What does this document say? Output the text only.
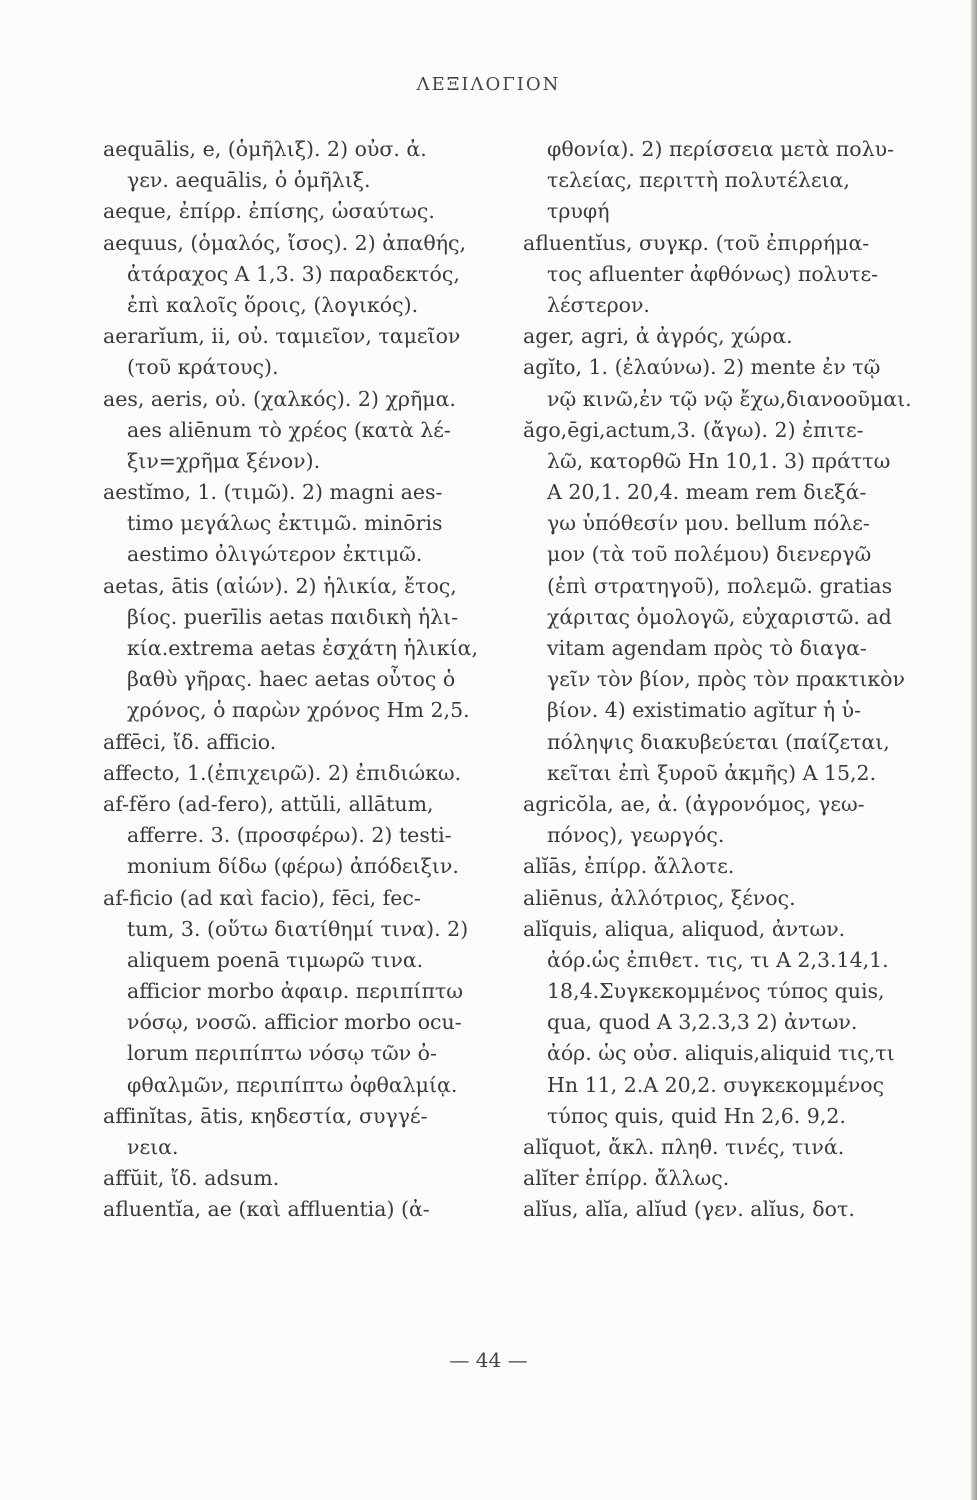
ΛΕΞΙΛΟΓΙΟΝ
aequālis, e, (ὁμῆλιξ). 2) οὐσ. ἀ.
γεν. aequālis, ὁ ὁμῆλιξ.
aeque, ἐπίρρ. ἐπίσης, ὡσαύτως.
aequus, (ὁμαλός, ἴσος). 2) ἀπαθής,
ἀτάραχος Α 1,3. 3) παραδεκτός,
ἐπὶ καλοῖς ὅροις, (λογικός).
aerarĭum, ii, οὐ. ταμιεῖον, ταμεῖον
(τοῦ κράτους).
aes, aeris, οὐ. (χαλκός). 2) χρῆμα.
aes aliēnum τὸ χρέος (κατὰ λέ-
ξιν=χρῆμα ξένον).
aestĭmo, 1. (τιμῶ). 2) magni aes-
timo μεγάλως ἐκτιμῶ. minōris
aestimo ὀλιγώτερον ἐκτιμῶ.
aetas, ātis (αἰών). 2) ἡλικία, ἔτος,
βίος. puerīlis aetas παιδικὴ ἡλι-
κία.extrema aetas ἐσχάτη ἡλικία,
βαθὺ γῆρας. haec aetas οὗτος ὁ
χρόνος, ὁ παρὼν χρόνος Hm 2,5.
affēci, ἴδ. afficio.
affecto, 1.(ἐπιχειρῶ). 2) ἐπιδιώκω.
af-fĕro (ad-fero), attŭli, allātum,
afferre. 3. (προσφέρω). 2) testi-
monium δίδω (φέρω) ἀπόδειξιν.
af-ficio (ad καὶ facio), fēci, fec-
tum, 3. (οὕτω διατίθημί τινα). 2)
aliquem poenā τιμωρῶ τινα.
afficior morbo ἀφαιρ. περιπίπτω
νόσῳ, νοσῶ. afficior morbo ocu-
lorum περιπίπτω νόσῳ τῶν ὀ-
φθαλμῶν, περιπίπτω ὀφθαλμίᾳ.
affinĭtas, ātis, κηδεστία, συγγέ-
νεια.
affŭit, ἴδ. adsum.
afluentĭa, ae (καὶ affluentia) (ἀ-
φθονία). 2) περίσσεια μετὰ πολυ-
τελείας, περιττὴ πολυτέλεια,
τρυφή
afluentĭus, συγκρ. (τοῦ ἐπιρρήμα-
τος afluenter ἀφθόνως) πολυτε-
λέστερον.
ager, agri, ἀ ἀγρός, χώρα.
agĭto, 1. (ἐλαύνω). 2) mente ἐν τῷ
νῷ κινῶ,ἐν τῷ νῷ ἔχω,διανοοῦμαι.
ăgo,ēgi,actum,3. (ἄγω). 2) ἐπιτε-
λῶ, κατορθῶ Hn 10,1. 3) πράττω
Α 20,1. 20,4. meam rem διεξά-
γω ὑπόθεσίν μου. bellum πόλε-
μον (τὰ τοῦ πολέμου) διενεργῶ
(ἐπὶ στρατηγοῦ), πολεμῶ. gratias
χάριτας ὁμολογῶ, εὐχαριστῶ. ad
vitam agendam πρὸς τὸ διαγα-
γεῖν τὸν βίον, πρὸς τὸν πρακτικὸν
βίον. 4) existimatio agĭtur ἡ ὑ-
πόληψις διακυβεύεται (παίζεται,
κεῖται ἐπὶ ξυροῦ ἀκμῆς) Α 15,2.
agricŏla, ae, ἀ. (ἀγρονόμος, γεω-
πόνος), γεωργός.
alĭās, ἐπίρρ. ἄλλοτε.
aliēnus, ἀλλότριος, ξένος.
alĭquis, aliqua, aliquod, ἀντων.
ἀόρ.ὡς ἐπιθετ. τις, τι Α 2,3.14,1.
18,4.Συγκεκομμένος τύπος quis,
qua, quod Α 3,2.3,3 2) ἀντων.
ἀόρ. ὡς οὐσ. aliquis,aliquid τις,τι
Hn 11, 2.Α 20,2. συγκεκομμένος
τύπος quis, quid Hn 2,6. 9,2.
alĭquot, ἄκλ. πληθ. τινές, τινά.
alĭter ἐπίρρ. ἄλλως.
alĭus, alĭa, alĭud (γεν. alĭus, δοτ.
— 44 —
